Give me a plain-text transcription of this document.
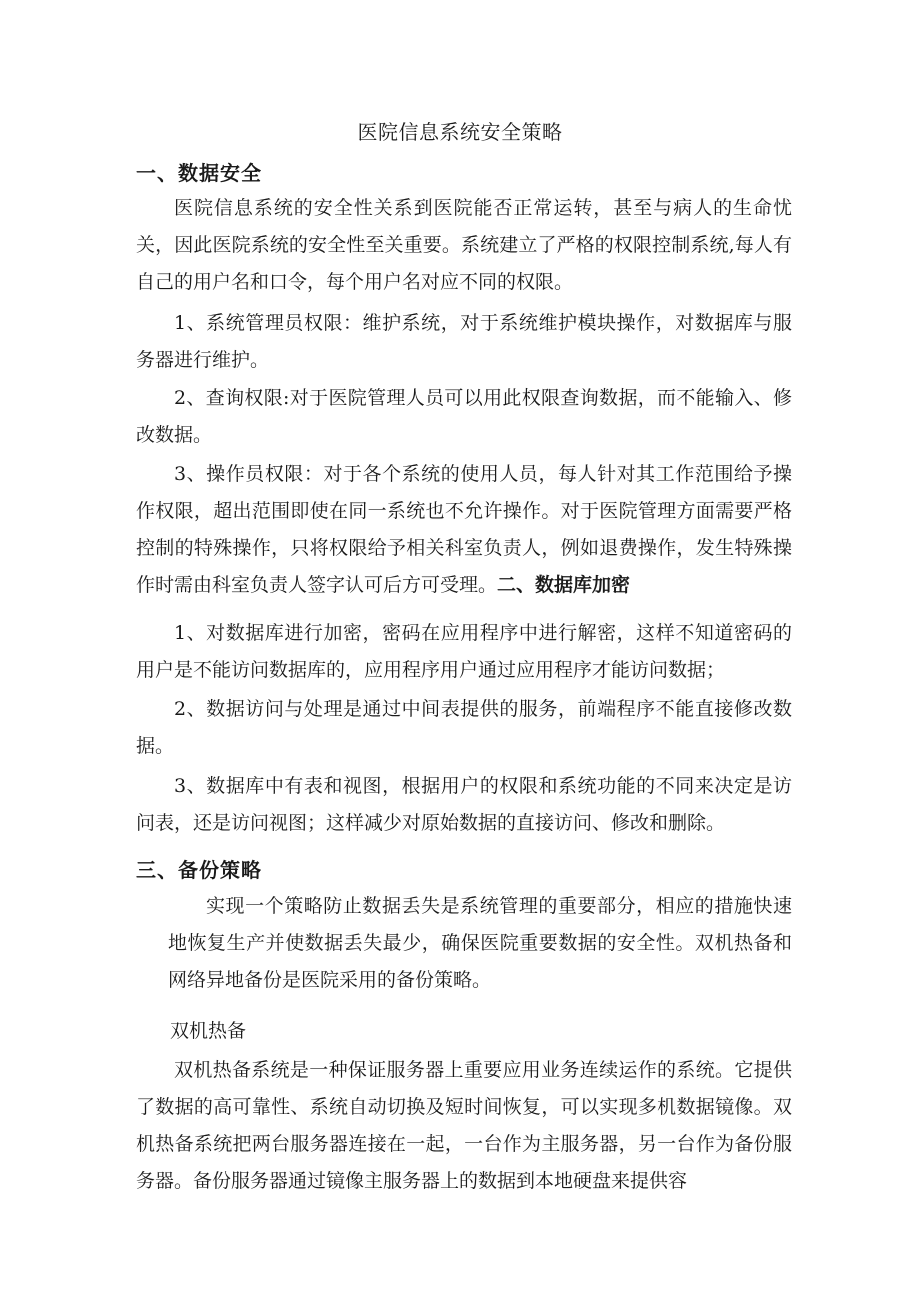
医院信息系统安全策略
一、数据安全

医院信息系统的安全性关系到医院能否正常运转，甚至与病人的生命忧关，因此医院系统的安全性至关重要。系统建立了严格的权限控制系统,每人有自己的用户名和口令，每个用户名对应不同的权限。

1、系统管理员权限：维护系统，对于系统维护模块操作，对数据库与服务器进行维护。

2、查询权限:对于医院管理人员可以用此权限查询数据，而不能输入、修改数据。

3、操作员权限：对于各个系统的使用人员，每人针对其工作范围给予操作权限，超出范围即使在同一系统也不允许操作。对于医院管理方面需要严格控制的特殊操作，只将权限给予相关科室负责人，例如退费操作，发生特殊操作时需由科室负责人签字认可后方可受理。二、数据库加密

1、对数据库进行加密，密码在应用程序中进行解密，这样不知道密码的用户是不能访问数据库的，应用程序用户通过应用程序才能访问数据；

2、数据访问与处理是通过中间表提供的服务，前端程序不能直接修改数据。

3、数据库中有表和视图，根据用户的权限和系统功能的不同来决定是访问表，还是访问视图；这样减少对原始数据的直接访问、修改和删除。

三、备份策略

实现一个策略防止数据丢失是系统管理的重要部分，相应的措施快速地恢复生产并使数据丢失最少，确保医院重要数据的安全性。双机热备和网络异地备份是医院采用的备份策略。

双机热备

双机热备系统是一种保证服务器上重要应用业务连续运作的系统。它提供了数据的高可靠性、系统自动切换及短时间恢复，可以实现多机数据镜像。双机热备系统把两台服务器连接在一起，一台作为主服务器，另一台作为备份服务器。备份服务器通过镜像主服务器上的数据到本地硬盘来提供容
